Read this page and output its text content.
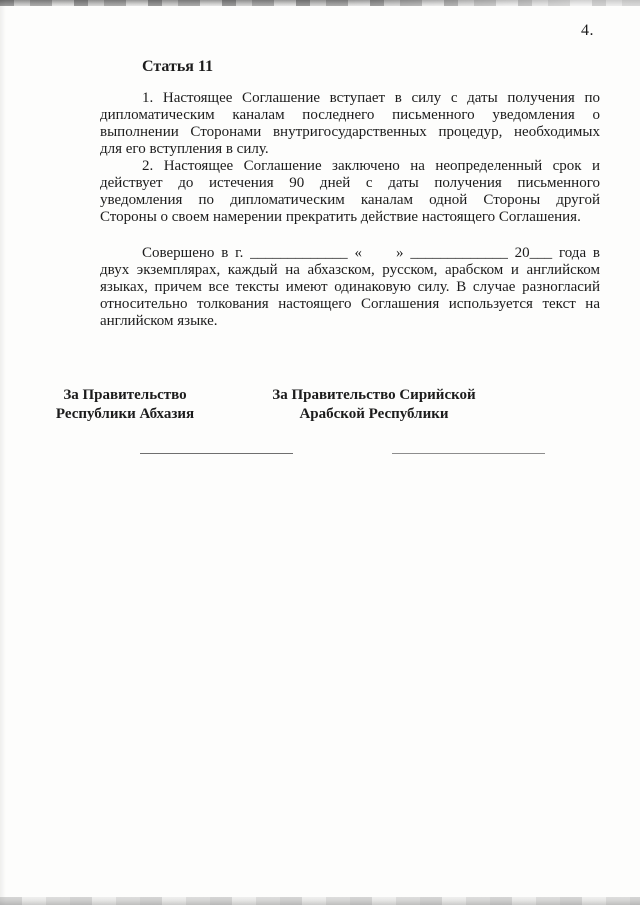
4.
Статья 11
1. Настоящее Соглашение вступает в силу с даты получения по
дипломатическим каналам последнего письменного уведомления о
выполнении Сторонами внутригосударственных процедур, необходимых
для его вступления в силу.
2. Настоящее Соглашение заключено на неопределенный срок и
действует до истечения 90 дней с даты получения письменного
уведомления по дипломатическим каналам одной Стороны другой
Стороны о своем намерении прекратить действие настоящего Соглашения.
Совершено в г. _____________ «     » _____________ 20___ года в
двух экземплярах, каждый на абхазском, русском, арабском и английском
языках, причем все тексты имеют одинаковую силу. В случае разногласий
относительно толкования настоящего Соглашения используется текст на
английском языке.
За Правительство
Республики Абхазия
За Правительство Сирийской
Арабской Республики
